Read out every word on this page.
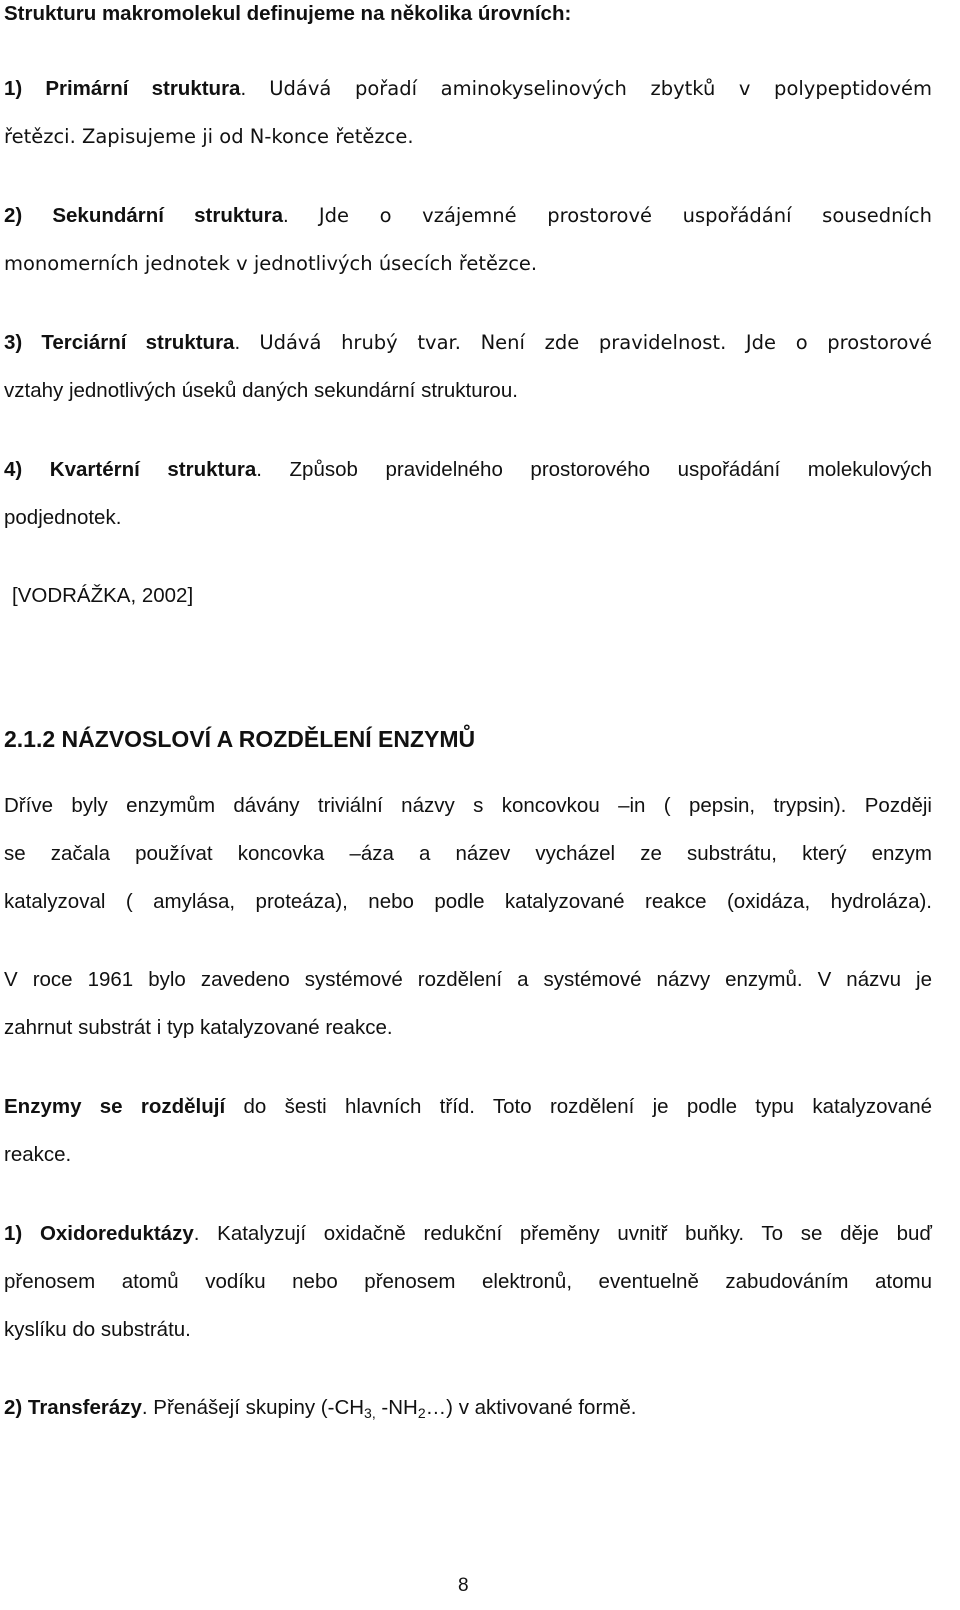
Strukturu makromolekul definujeme na několika úrovních:

1) Primární struktura. Udává pořadí aminokyselinových zbytků v polypeptidovém
řetězci. Zapisujeme ji od N-konce řetězce.
2) Sekundární struktura. Jde o vzájemné prostorové uspořádání sousedních
monomerních jednotek v jednotlivých úsecích řetězce.
3) Terciární struktura. Udává hrubý tvar. Není zde pravidelnost. Jde o prostorové
vztahy jednotlivých úseků daných sekundární strukturou.
4) Kvartérní struktura. Způsob pravidelného prostorového uspořádání molekulových
podjednotek.

[VODRÁŽKA, 2002]

2.1.2 NÁZVOSLOVÍ A ROZDĚLENÍ ENZYMŮ

Dříve byly enzymům dávány triviální názvy s koncovkou –in ( pepsin, trypsin). Později
se začala používat koncovka –áza a název vycházel ze substrátu, který enzym
katalyzoval ( amylása, proteáza), nebo podle katalyzované reakce (oxidáza, hydroláza).
V roce 1961 bylo zavedeno systémové rozdělení a systémové názvy enzymů. V názvu je
zahrnut substrát i typ katalyzované reakce.
Enzymy se rozdělují do šesti hlavních tříd. Toto rozdělení je podle typu katalyzované
reakce.
1) Oxidoreduktázy. Katalyzují oxidačně redukční přeměny uvnitř buňky. To se děje buď
přenosem atomů vodíku nebo přenosem elektronů, eventuelně zabudováním atomu
kyslíku do substrátu.
2) Transferázy. Přenášejí skupiny ($-CH_{3,}$ $-NH_2\dots$) v aktivované formě.
8
